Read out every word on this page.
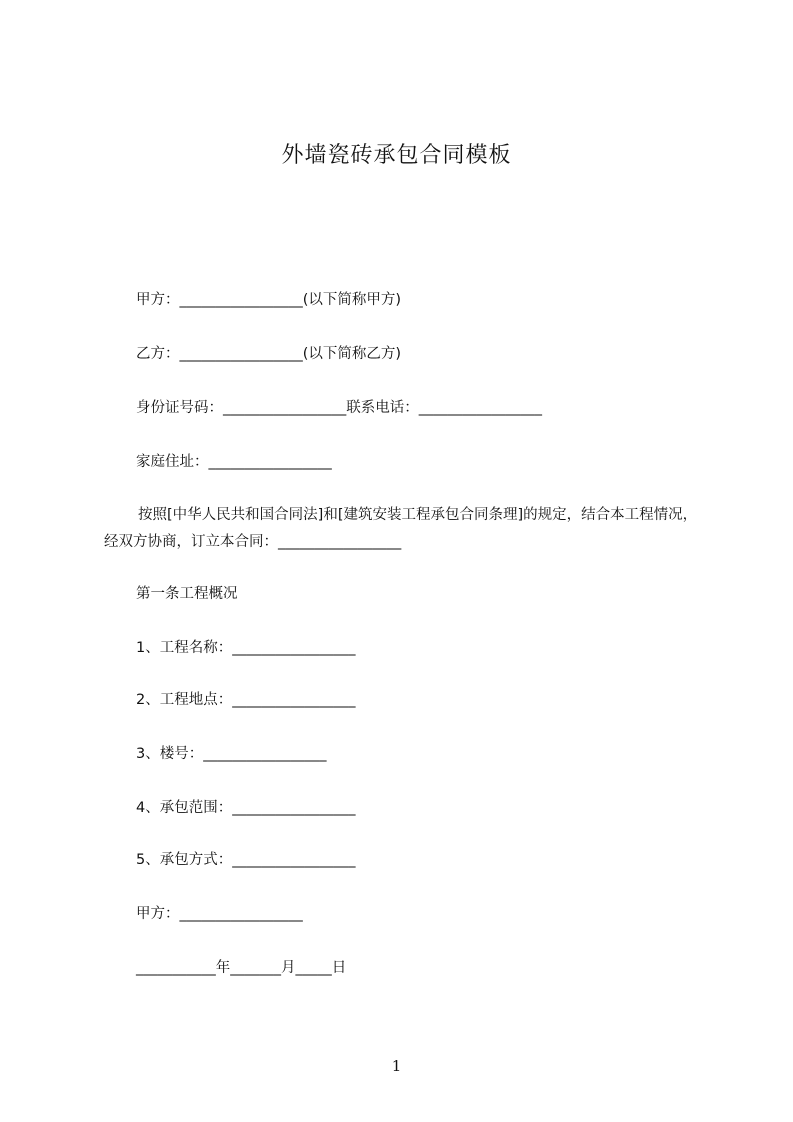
外墙瓷砖承包合同模板
甲方：_________________(以下简称甲方)
乙方：_________________(以下简称乙方)
身份证号码：_________________联系电话：_________________
家庭住址：_________________
按照[中华人民共和国合同法]和[建筑安装工程承包合同条理]的规定，结合本工程情况，经双方协商，订立本合同：_________________
第一条工程概况
1、工程名称：_________________
2、工程地点：_________________
3、楼号：_________________
4、承包范围：_________________
5、承包方式：_________________
甲方：_________________
___________年_______月_____日
1
